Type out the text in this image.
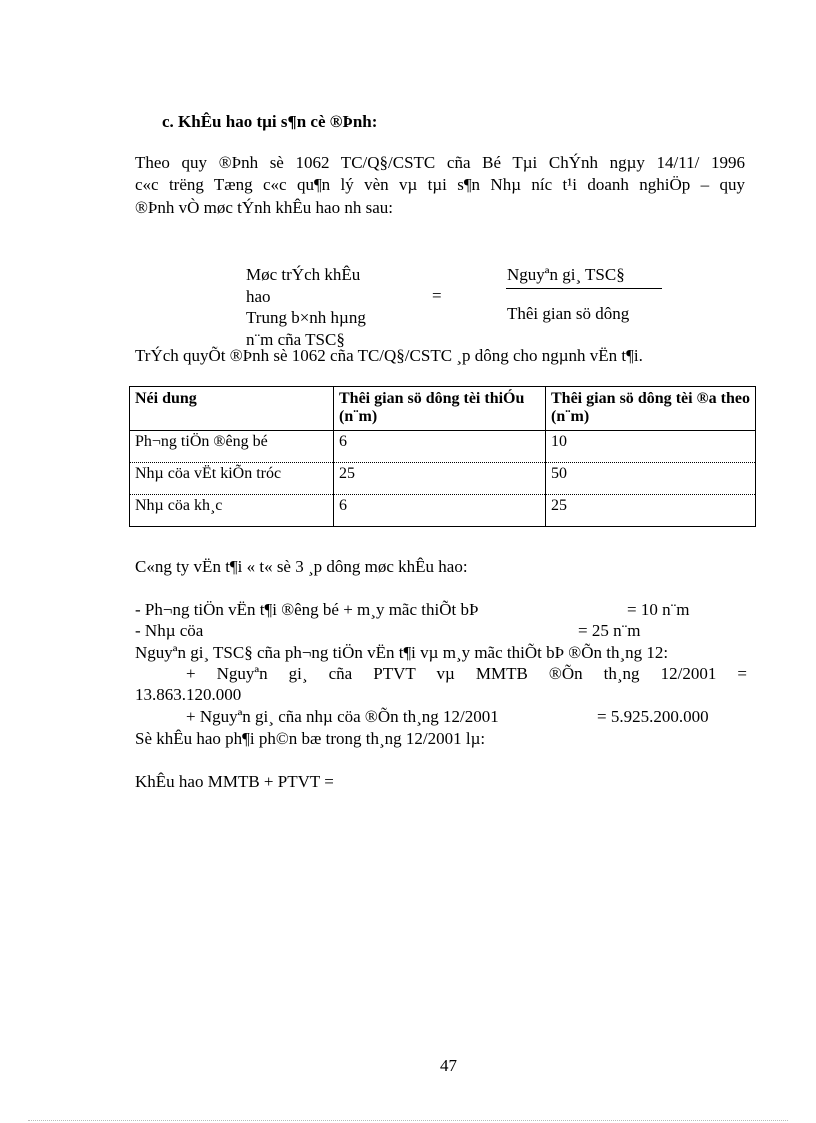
c. KhÊu hao tµi s¶n cè ®Þnh:
Theo quy ®Þnh sè 1062 TC/Q§/CSTC cña Bé Tµi ChÝnh ngµy 14/11/ 1996
c«c trëng Tæng c«c qu¶n lý vèn vµ tµi s¶n Nhµ níc t¹i doanh nghiÖp – quy
®Þnh vÒ møc tÝnh khÊu hao nh sau:
Møc trÝch khÊu
hao
Trung b×nh hµng
n¨m cña TSC§
=
Nguyªn gi¸ TSC§
Thêi gian sö dông
TrÝch quyÕt ®Þnh sè 1062 cña TC/Q§/CSTC ¸p dông cho ngµnh vËn t¶i.
Néi dung	Thêi gian sö dông tèi thiÓu (n¨m)	Thêi gian sö dông tèi ®a theo (n¨m)
Ph¬ng tiÖn ®êng bé	6	10
Nhµ cöa vËt kiÕn tróc	25	50
Nhµ cöa kh¸c	6	25
C«ng ty vËn t¶i « t« sè 3 ¸p dông møc khÊu hao:
- Ph¬ng tiÖn vËn t¶i ®êng bé + m¸y mãc thiÕt bÞ	= 10 n¨m
- Nhµ cöa	= 25 n¨m
Nguyªn gi¸ TSC§ cña ph¬ng tiÖn vËn t¶i vµ m¸y mãc thiÕt bÞ ®Õn th¸ng 12:
+ Nguyªn gi¸ cña PTVT vµ MMTB ®Õn th¸ng 12/2001 =
13.863.120.000
+ Nguyªn gi¸ cña nhµ cöa ®Õn th¸ng 12/2001	= 5.925.200.000
Sè khÊu hao ph¶i ph©n bæ trong th¸ng 12/2001 lµ:
KhÊu hao MMTB + PTVT =
47
